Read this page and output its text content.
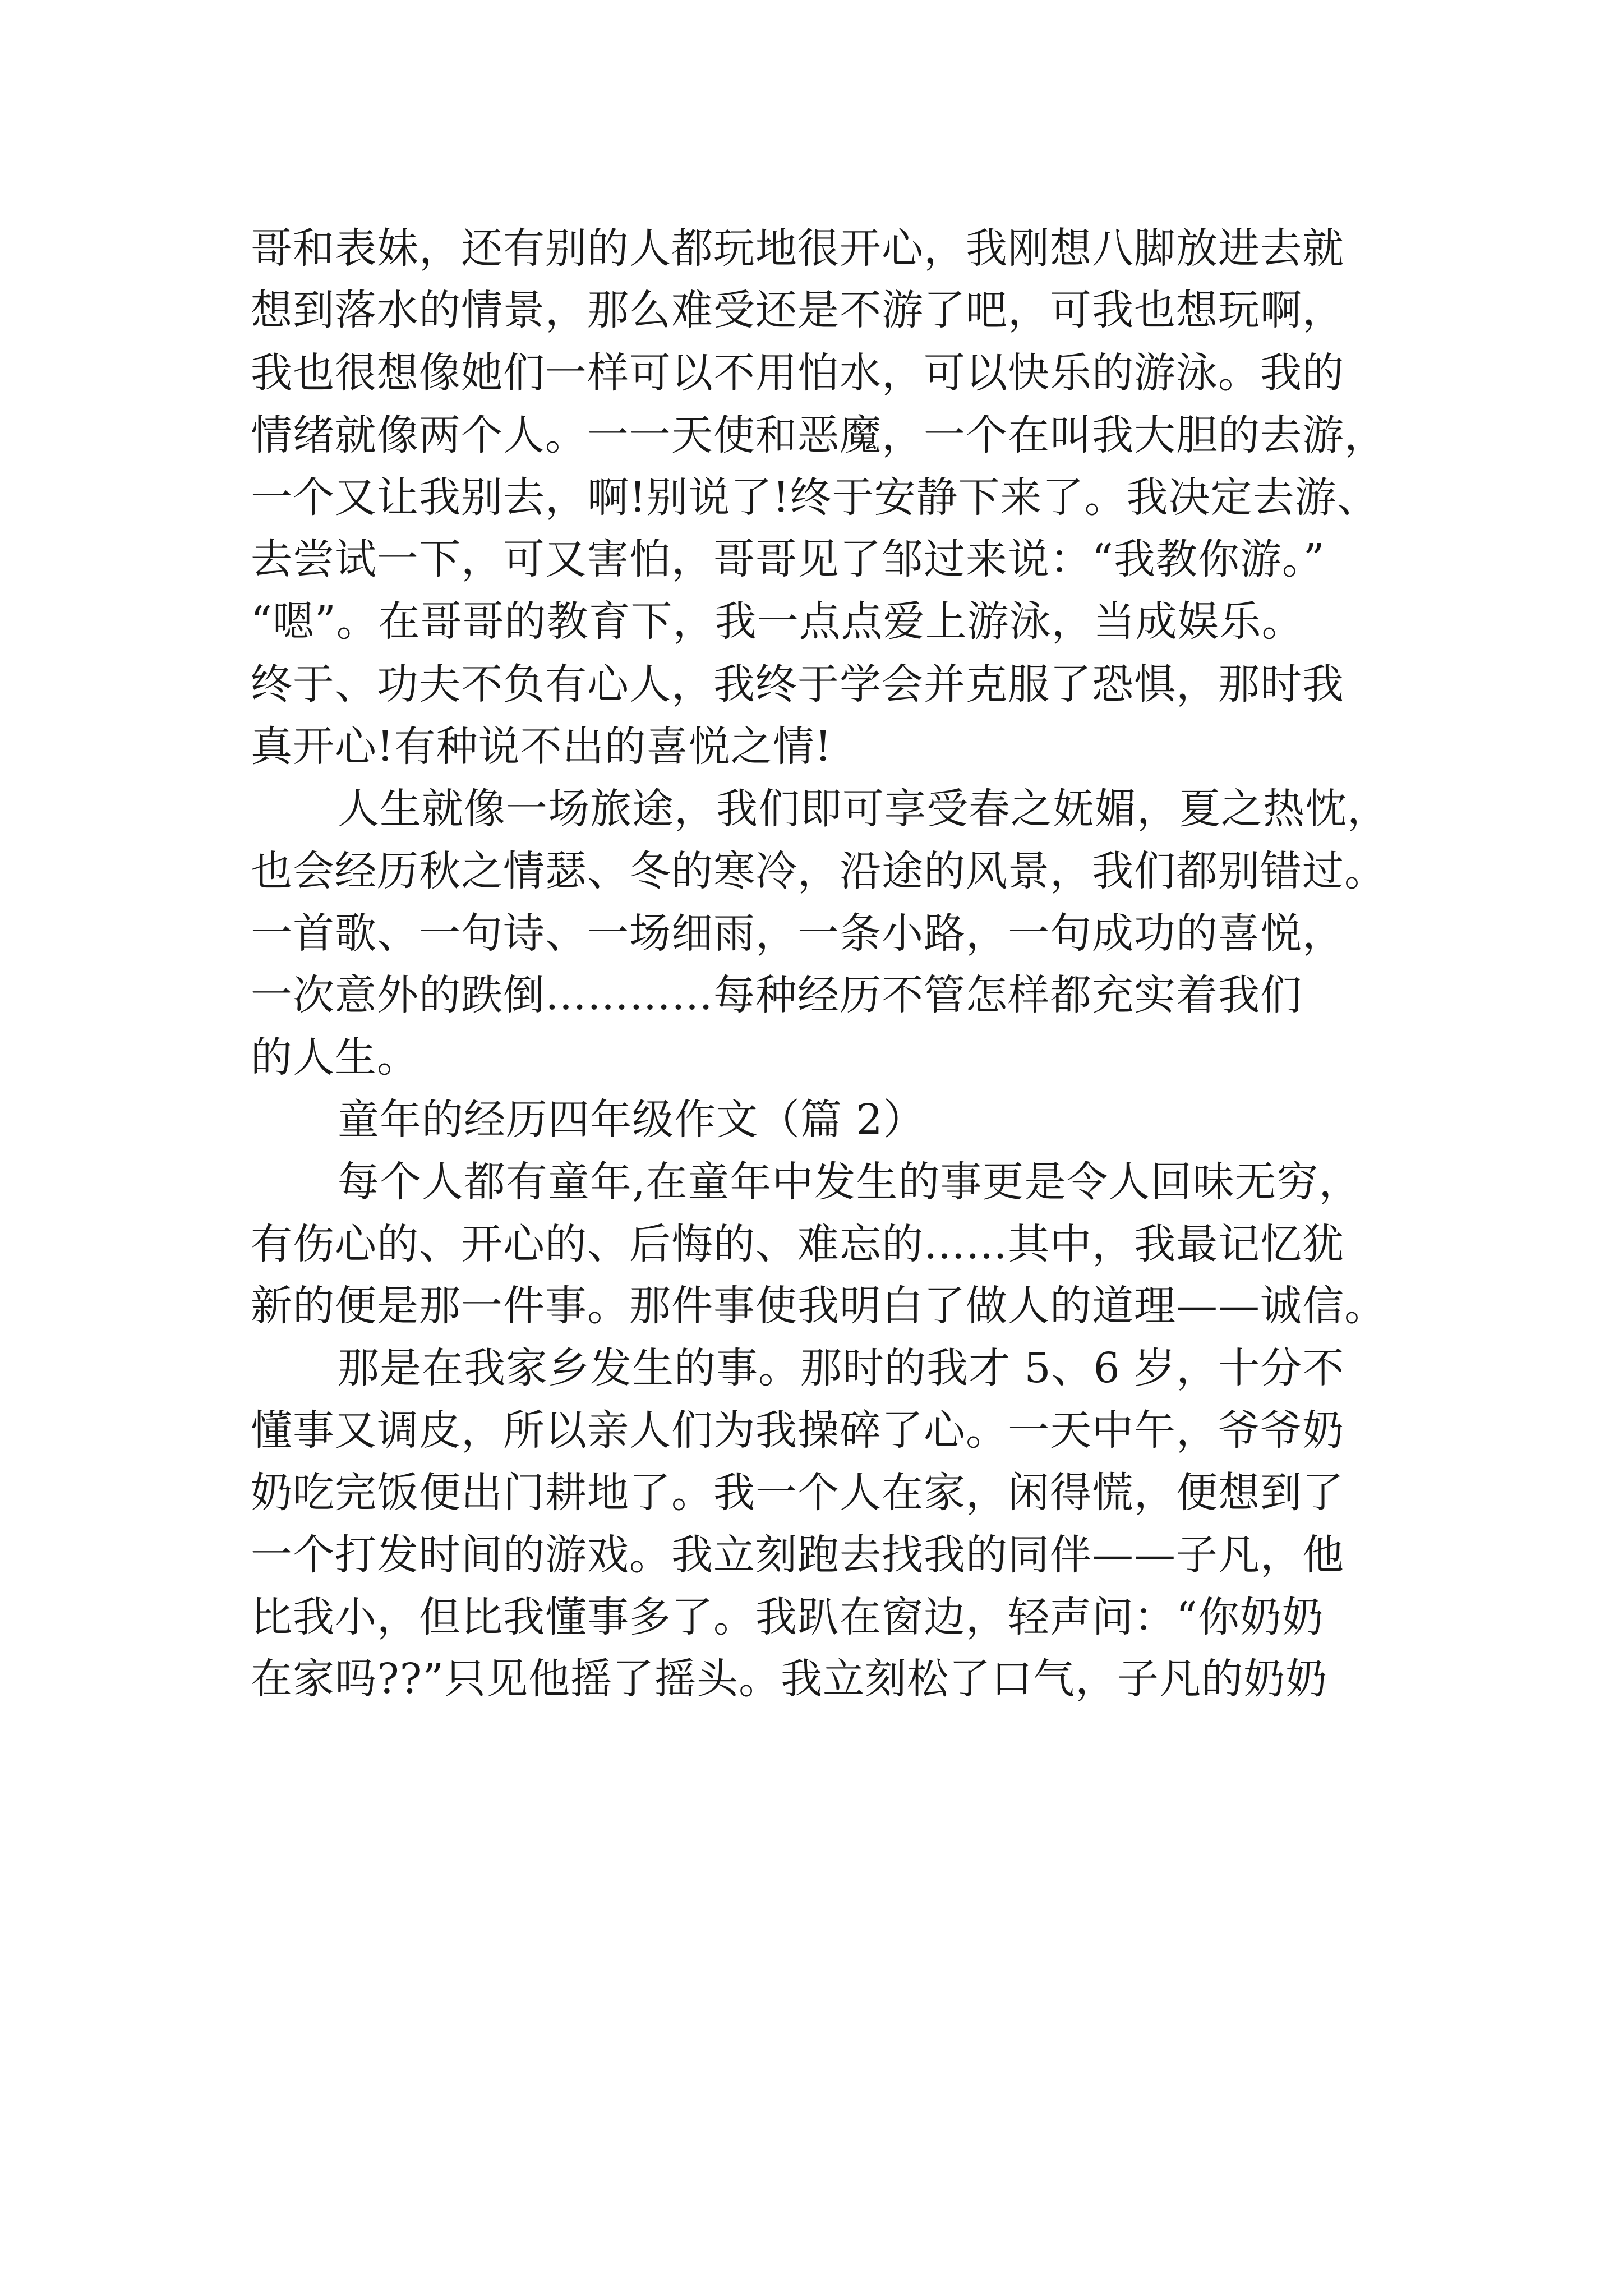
哥和表妹，还有别的人都玩地很开心，我刚想八脚放进去就
想到落水的情景，那么难受还是不游了吧，可我也想玩啊，
我也很想像她们一样可以不用怕水，可以快乐的游泳。我的
情绪就像两个人。一一天使和恶魔，一个在叫我大胆的去游，
一个又让我别去，啊!别说了!终于安静下来了。我决定去游、
去尝试一下，可又害怕，哥哥见了邹过来说：“我教你游。”
“嗯”。在哥哥的教育下，我一点点爱上游泳，当成娱乐。
终于、功夫不负有心人，我终于学会并克服了恐惧，那时我
真开心!有种说不出的喜悦之情!
人生就像一场旅途，我们即可享受春之妩媚，夏之热忱，
也会经历秋之情瑟、冬的寒冷，沿途的风景，我们都别错过。
一首歌、一句诗、一场细雨，一条小路，一句成功的喜悦，
一次意外的跌倒…………每种经历不管怎样都充实着我们
的人生。
童年的经历四年级作文（篇 2）
每个人都有童年,在童年中发生的事更是令人回味无穷，
有伤心的、开心的、后悔的、难忘的……其中，我最记忆犹
新的便是那一件事。那件事使我明白了做人的道理——诚信。
那是在我家乡发生的事。那时的我才 5、6 岁，十分不
懂事又调皮，所以亲人们为我操碎了心。一天中午，爷爷奶
奶吃完饭便出门耕地了。我一个人在家，闲得慌，便想到了
一个打发时间的游戏。我立刻跑去找我的同伴——子凡，他
比我小，但比我懂事多了。我趴在窗边，轻声问：“你奶奶
在家吗??”只见他摇了摇头。我立刻松了口气，子凡的奶奶
